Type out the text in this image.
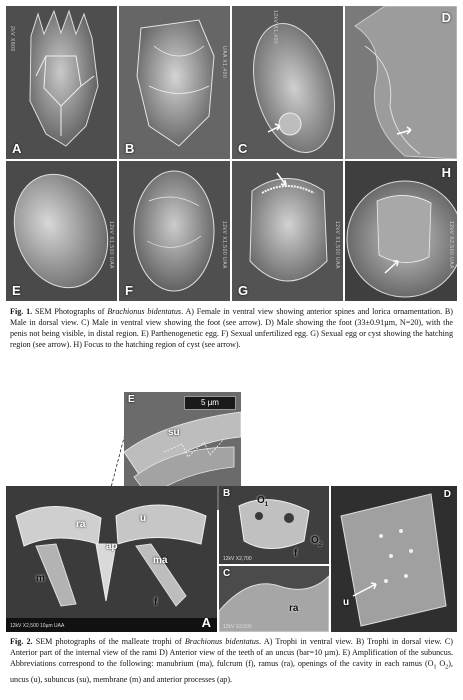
A
2kV X800
B
UAA X1,400
C
12kV X1,400	D
E
12kV X1,500 UAA
F
12kV X1,500 UAA
G
12kV X1,500 UAA
H
12kV X2,500 UAA
Fig. 1. SEM Photographs of Brachionus bidentatus. A) Female in ventral view showing anterior spines and lorica ornamentation. B) Male in dorsal view. C) Male in ventral view showing the foot (see arrow). D) Male showing the foot (33±0.91µm, N=20), with the penis not being visible, in distal region. E) Parthenogenetic egg. F) Sexual unfertilized egg. G) Sexual egg or cyst showing the hatching region (see arrow). H) Focus to the hatching region of cyst (see arrow).
E	5 µm
su
ra
u
ap
ma
m
f
12kV X2,500 10µm UAA	A
B
$O_1$
$O_2$
f
12kV X2,700
C
ra
12kV X3,500
D
u
Fig. 2. SEM photographs of the malleate trophi of Brachionus bidentatus. A) Trophi in ventral view. B) Trophi in dorsal view. C) Anterior part of the internal view of the rami D) Anterior view of the teeth of an uncus (bar=10 µm). E) Amplification of the subuncus. Abbreviations correspond to the following: manubrium (ma), fulcrum (f), ramus (ra), openings of the cavity in each ramus ($O_1$ $O_2$), uncus (u), subuncus (su), membrane (m) and anterior processes (ap).
